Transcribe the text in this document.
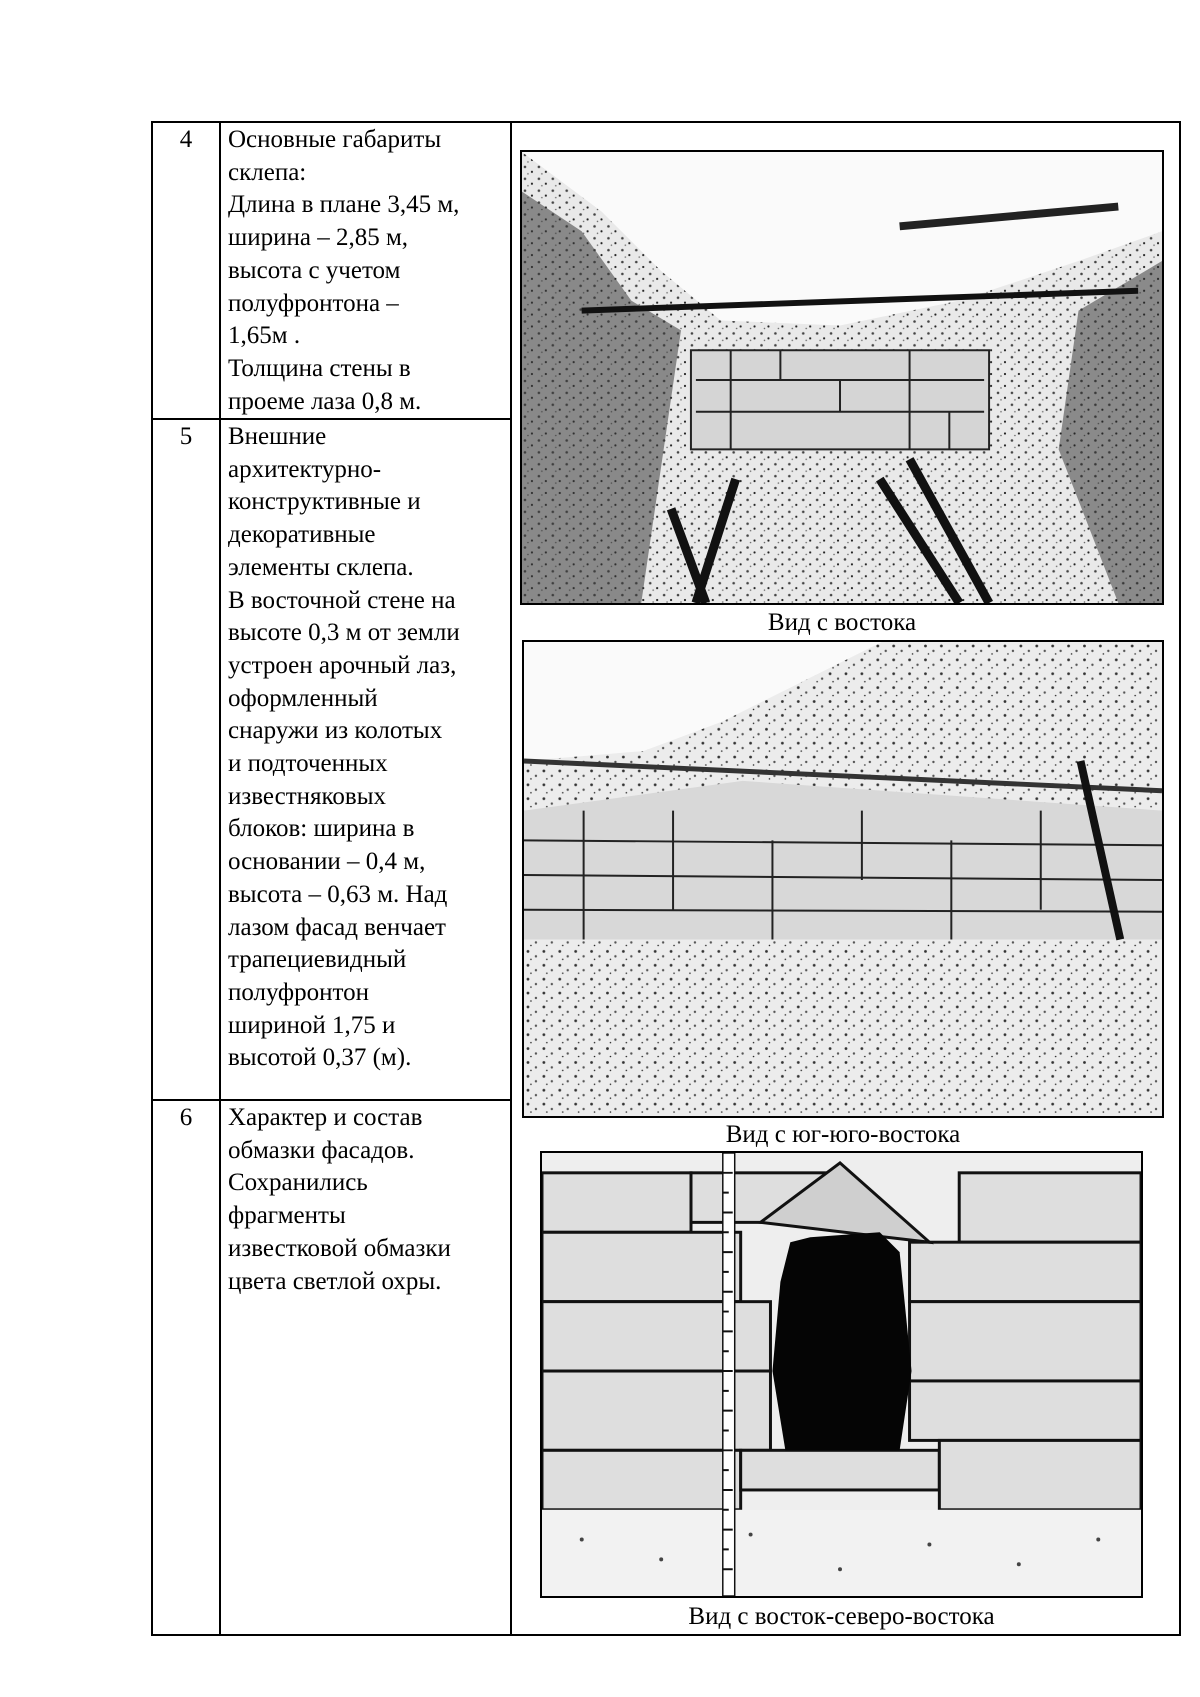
4	Основные габариты
склепа:
Длина в плане 3,45 м,
ширина – 2,85 м,
высота с учетом
полуфронтона –
1,65м .
Толщина стены в
проеме лаза 0,8 м.
5	Внешние
архитектурно-
конструктивные и
декоративные
элементы склепа.
В восточной стене на
высоте 0,3 м от земли
устроен арочный лаз,
оформленный
снаружи из колотых
и подточенных
известняковых
блоков: ширина в
основании – 0,4 м,
высота – 0,63 м. Над
лазом фасад венчает
трапециевидный
полуфронтон
шириной 1,75 и
высотой 0,37 (м).
6	Характер и состав
обмазки фасадов.
Сохранились
фрагменты
известковой обмазки
цвета светлой охры.
Вид с востока
Вид с юг-юго-востока
Вид с восток-северо-востока
